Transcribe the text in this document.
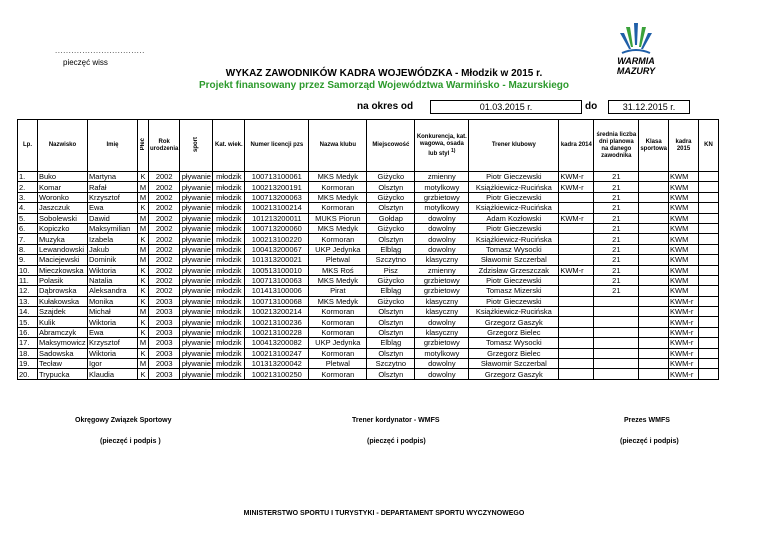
.................................
pieczęć wiss	WARMIA
MAZURY
WYKAZ ZAWODNIKÓW KADRA WOJEWÓDZKA - Młodzik w 2015 r.
Projekt finansowany przez Samorząd Województwa Warmińsko - Mazurskiego
na okres od	01.03.2015 r.	do	31.12.2015 r.
Lp.	Nazwisko	Imię	Płeć	Rok urodzenia	sport	Kat. wiek.	Numer licencji pzs	Nazwa klubu	Miejscowość	Konkurencja, kat. wagowa, osada lub styl $^{1)}$	Trener klubowy	kadra 2014	średnia liczba dni planowa na danego zawodnika	Klasa sportowa	kadra 2015	KN
1.	Buko	Martyna	K	2002	pływanie	młodzik	100713100061	MKS Medyk	Giżycko	zmienny	Piotr Gieczewski	KWM-r	21		KWM	
2.	Komar	Rafał	M	2002	pływanie	młodzik	100213200191	Kormoran	Olsztyn	motylkowy	Książkiewicz-Rucińska	KWM-r	21		KWM	
3.	Woronko	Krzysztof	M	2002	pływanie	młodzik	100713200063	MKS Medyk	Giżycko	grzbietowy	Piotr Gieczewski		21		KWM	
4.	Jaszczuk	Ewa	K	2002	pływanie	młodzik	100213100214	Kormoran	Olsztyn	motylkowy	Książkiewicz-Rucińska		21		KWM	
5.	Sobolewski	Dawid	M	2002	pływanie	młodzik	101213200011	MUKS Piorun	Gołdap	dowolny	Adam Kozłowski	KWM-r	21		KWM	
6.	Kopiczko	Maksymilian	M	2002	pływanie	młodzik	100713200060	MKS Medyk	Giżycko	dowolny	Piotr Gieczewski		21		KWM	
7.	Muzyka	Izabela	K	2002	pływanie	młodzik	100213100220	Kormoran	Olsztyn	dowolny	Książkiewicz-Rucińska		21		KWM	
8.	Lewandowski	Jakub	M	2002	pływanie	młodzik	100413200067	UKP Jedynka	Elbląg	dowolny	Tomasz Wysocki		21		KWM	
9.	Maciejewski	Dominik	M	2002	pływanie	młodzik	101313200021	Pletwal	Szczytno	klasyczny	Sławomir Szczerbal		21		KWM	
10.	Mieczkowska	Wiktoria	K	2002	pływanie	młodzik	100513100010	MKS Roś	Pisz	zmienny	Zdzisław Grzeszczak	KWM-r	21		KWM	
11.	Polasik	Natalia	K	2002	pływanie	młodzik	100713100063	MKS Medyk	Giżycko	grzbietowy	Piotr Gieczewski		21		KWM	
12.	Dąbrowska	Aleksandra	K	2002	pływanie	młodzik	101413100006	Pirat	Elbląg	grzbietowy	Tomasz Mizerski		21		KWM	
13.	Kułakowska	Monika	K	2003	pływanie	młodzik	100713100068	MKS Medyk	Giżycko	klasyczny	Piotr Gieczewski				KWM-r	
14.	Szajdek	Michał	M	2003	pływanie	młodzik	100213200214	Kormoran	Olsztyn	klasyczny	Książkiewicz-Rucińska				KWM-r	
15.	Kulik	Wiktoria	K	2003	pływanie	młodzik	100213100236	Kormoran	Olsztyn	dowolny	Grzegorz Gaszyk				KWM-r	
16.	Abramczyk	Ewa	K	2003	pływanie	młodzik	100213100228	Kormoran	Olsztyn	klasyczny	Grzegorz Bielec				KWM-r	
17.	Maksymowicz	Krzysztof	M	2003	pływanie	młodzik	100413200082	UKP Jedynka	Elbląg	grzbietowy	Tomasz Wysocki				KWM-r	
18.	Sadowska	Wiktoria	K	2003	pływanie	młodzik	100213100247	Kormoran	Olsztyn	motylkowy	Grzegorz Bielec				KWM-r	
19.	Tecław	Igor	M	2003	pływanie	młodzik	101313200042	Pletwal	Szczytno	dowolny	Sławomir Szczerbal				KWM-r	
20.	Trypucka	Klaudia	K	2003	pływanie	młodzik	100213100250	Kormoran	Olsztyn	dowolny	Grzegorz Gaszyk				KWM-r	
Okręgowy Związek Sportowy
(pieczęć i podpis )
Trener kordynator - WMFS
(pieczęć i podpis)
Prezes WMFS
(pieczęć i podpis)
MINISTERSTWO SPORTU I TURYSTYKI - DEPARTAMENT SPORTU WYCZYNOWEGO
